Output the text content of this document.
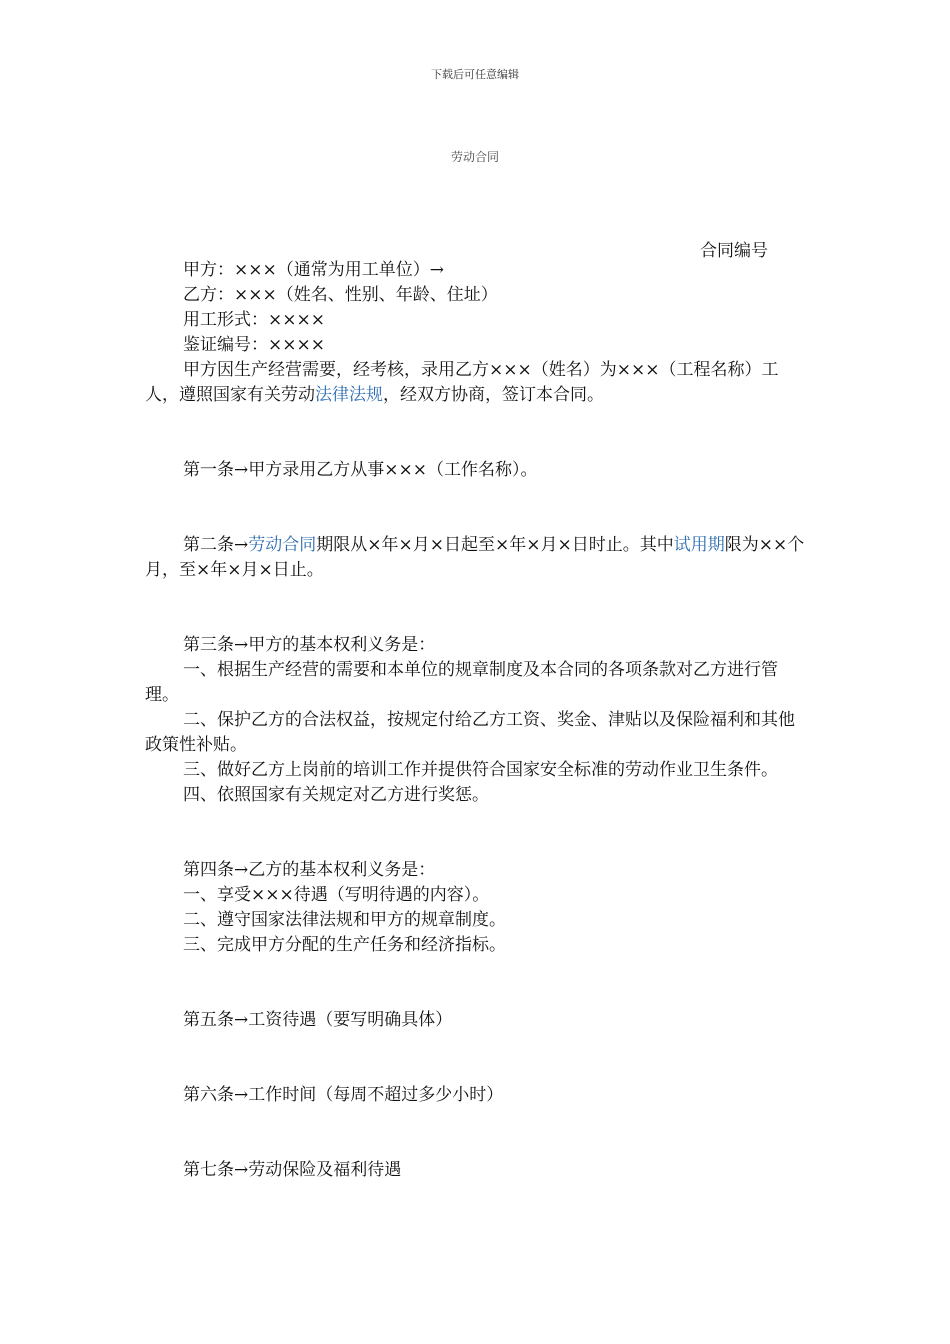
下载后可任意编辑
劳动合同
合同编号

甲方：×××（通常为用工单位）→

乙方：×××（姓名、性别、年龄、住址）

用工形式：××××

鉴证编号：××××

甲方因生产经营需要，经考核，录用乙方×××（姓名）为×××（工程名称）工人，遵照国家有关劳动法律法规，经双方协商，签订本合同。

第一条→甲方录用乙方从事×××（工作名称）。

第二条→劳动合同期限从×年×月×日起至×年×月×日时止。其中试用期限为××个月，至×年×月×日止。

第三条→甲方的基本权利义务是：

一、根据生产经营的需要和本单位的规章制度及本合同的各项条款对乙方进行管理。

二、保护乙方的合法权益，按规定付给乙方工资、奖金、津贴以及保险福利和其他政策性补贴。

三、做好乙方上岗前的培训工作并提供符合国家安全标准的劳动作业卫生条件。

四、依照国家有关规定对乙方进行奖惩。

第四条→乙方的基本权利义务是：

一、享受×××待遇（写明待遇的内容）。

二、遵守国家法律法规和甲方的规章制度。

三、完成甲方分配的生产任务和经济指标。

第五条→工资待遇（要写明确具体）

第六条→工作时间（每周不超过多少小时）

第七条→劳动保险及福利待遇
